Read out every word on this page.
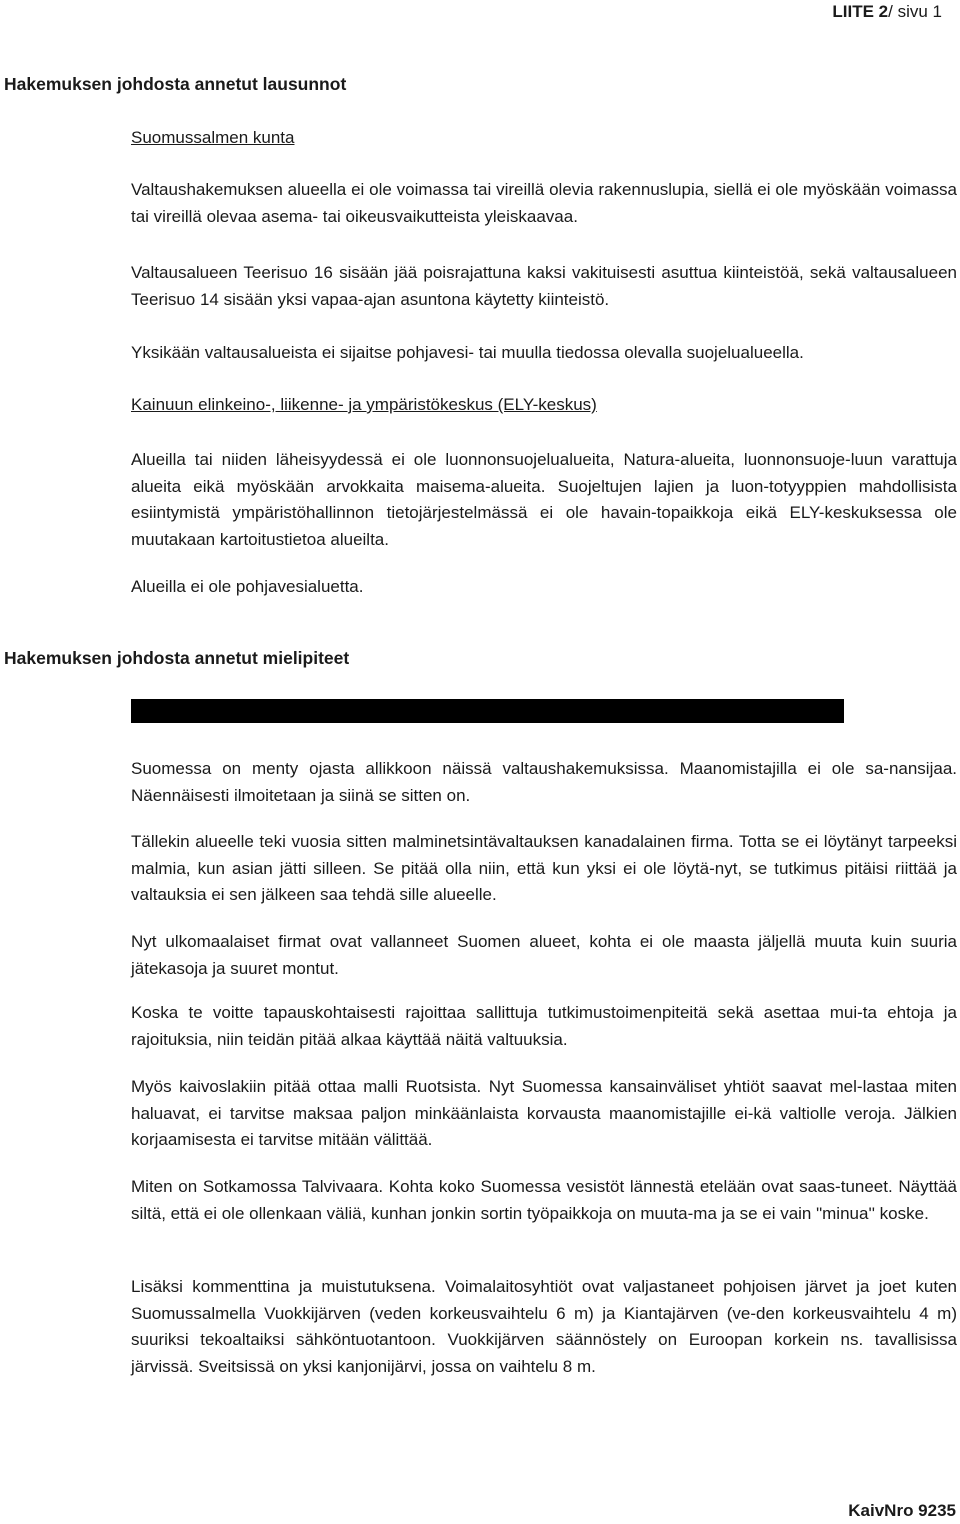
LIITE 2/ sivu 1
Hakemuksen johdosta annetut lausunnot

Suomussalmen kunta

Valtaushakemuksen alueella ei ole voimassa tai vireillä olevia rakennuslupia, siellä ei ole myöskään voimassa tai vireillä olevaa asema- tai oikeusvaikutteista yleiskaavaa.

Valtausalueen Teerisuo 16 sisään jää poisrajattuna kaksi vakituisesti asuttua kiinteistöä, sekä valtausalueen Teerisuo 14 sisään yksi vapaa-ajan asuntona käytetty kiinteistö.

Yksikään valtausalueista ei sijaitse pohjavesi- tai muulla tiedossa olevalla suojelualueella.

Kainuun elinkeino-, liikenne- ja ympäristökeskus (ELY-keskus)

Alueilla tai niiden läheisyydessä ei ole luonnonsuojelualueita, Natura-alueita, luonnonsuoje-luun varattuja alueita eikä myöskään arvokkaita maisema-alueita. Suojeltujen lajien ja luon-totyyppien mahdollisista esiintymistä ympäristöhallinnon tietojärjestelmässä ei ole havain-topaikkoja eikä ELY-keskuksessa ole muutakaan kartoitustietoa alueilta.

Alueilla ei ole pohjavesialuetta.

Hakemuksen johdosta annetut mielipiteet

Suomessa on menty ojasta allikkoon näissä valtaushakemuksissa. Maanomistajilla ei ole sa-nansijaa. Näennäisesti ilmoitetaan ja siinä se sitten on.

Tällekin alueelle teki vuosia sitten malminetsintävaltauksen kanadalainen firma. Totta se ei löytänyt tarpeeksi malmia, kun asian jätti silleen. Se pitää olla niin, että kun yksi ei ole löytä-nyt, se tutkimus pitäisi riittää ja valtauksia ei sen jälkeen saa tehdä sille alueelle.

Nyt ulkomaalaiset firmat ovat vallanneet Suomen alueet, kohta ei ole maasta jäljellä muuta kuin suuria jätekasoja ja suuret montut.

Koska te voitte tapauskohtaisesti rajoittaa sallittuja tutkimustoimenpiteitä sekä asettaa mui-ta ehtoja ja rajoituksia, niin teidän pitää alkaa käyttää näitä valtuuksia.

Myös kaivoslakiin pitää ottaa malli Ruotsista. Nyt Suomessa kansainväliset yhtiöt saavat mel-lastaa miten haluavat, ei tarvitse maksaa paljon minkäänlaista korvausta maanomistajille ei-kä valtiolle veroja. Jälkien korjaamisesta ei tarvitse mitään välittää.

Miten on Sotkamossa Talvivaara. Kohta koko Suomessa vesistöt lännestä etelään ovat saas-tuneet. Näyttää siltä, että ei ole ollenkaan väliä, kunhan jonkin sortin työpaikkoja on muuta-ma ja se ei vain "minua'' koske.

Lisäksi kommenttina ja muistutuksena. Voimalaitosyhtiöt ovat valjastaneet pohjoisen järvet ja joet kuten Suomussalmella Vuokkijärven (veden korkeusvaihtelu 6 m) ja Kiantajärven (ve-den korkeusvaihtelu 4 m) suuriksi tekoaltaiksi sähköntuotantoon. Vuokkijärven säännöstely on Euroopan korkein ns. tavallisissa järvissä. Sveitsissä on yksi kanjonijärvi, jossa on vaihtelu 8 m.

KaivNro 9235
